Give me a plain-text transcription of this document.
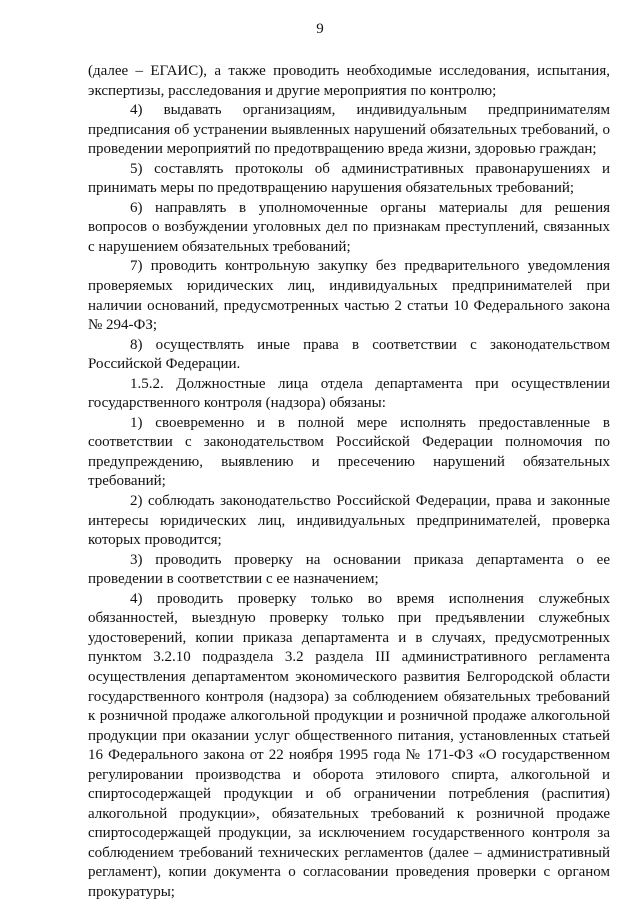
9

(далее – ЕГАИС), а также проводить необходимые исследования, испытания, экспертизы, расследования и другие мероприятия по контролю;

4) выдавать организациям, индивидуальным предпринимателям предписания об устранении выявленных нарушений обязательных требований, о проведении мероприятий по предотвращению вреда жизни, здоровью граждан;

5) составлять протоколы об административных правонарушениях и принимать меры по предотвращению нарушения обязательных требований;

6) направлять в уполномоченные органы материалы для решения вопросов о возбуждении уголовных дел по признакам преступлений, связанных с нарушением обязательных требований;

7) проводить контрольную закупку без предварительного уведомления проверяемых юридических лиц, индивидуальных предпринимателей при наличии оснований, предусмотренных частью 2 статьи 10 Федерального закона № 294-ФЗ;

8) осуществлять иные права в соответствии с законодательством Российской Федерации.

1.5.2. Должностные лица отдела департамента при осуществлении государственного контроля (надзора) обязаны:

1) своевременно и в полной мере исполнять предоставленные в соответствии с законодательством Российской Федерации полномочия по предупреждению, выявлению и пресечению нарушений обязательных требований;

2) соблюдать законодательство Российской Федерации, права и законные интересы юридических лиц, индивидуальных предпринимателей, проверка которых проводится;

3) проводить проверку на основании приказа департамента о ее проведении в соответствии с ее назначением;

4) проводить проверку только во время исполнения служебных обязанностей, выездную проверку только при предъявлении служебных удостоверений, копии приказа департамента и в случаях, предусмотренных пунктом 3.2.10 подраздела 3.2 раздела III административного регламента осуществления департаментом экономического развития Белгородской области государственного контроля (надзора) за соблюдением обязательных требований к розничной продаже алкогольной продукции и розничной продаже алкогольной продукции при оказании услуг общественного питания, установленных статьей 16 Федерального закона от 22 ноября 1995 года № 171-ФЗ «О государственном регулировании производства и оборота этилового спирта, алкогольной и спиртосодержащей продукции и об ограничении потребления (распития) алкогольной продукции», обязательных требований к розничной продаже спиртосодержащей продукции, за исключением государственного контроля за соблюдением требований технических регламентов (далее – административный регламент), копии документа о согласовании проведения проверки с органом прокуратуры;
